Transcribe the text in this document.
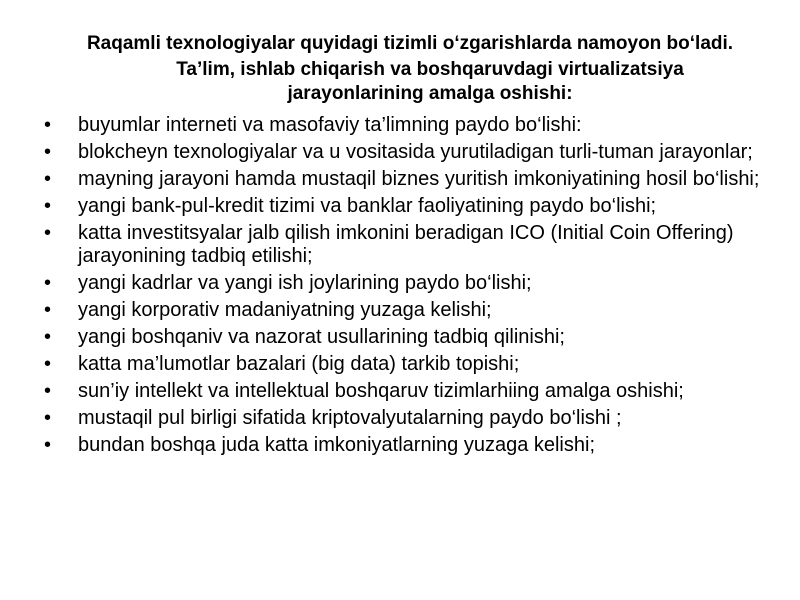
Raqamli texnologiyalar quyidagi tizimli o‘zgarishlarda namoyon bo‘ladi.
Ta’lim, ishlab chiqarish va boshqaruvdagi virtualizatsiya jarayonlarining amalga oshishi:
•	buyumlar interneti va masofaviy ta’limning paydo bo‘lishi:
•	blokcheyn texnologiyalar va u vositasida yurutiladigan turli-tuman jarayonlar;
•	mayning jarayoni hamda mustaqil biznes yuritish imkoniyatining hosil bo‘lishi;
•	yangi bank-pul-kredit tizimi va banklar faoliyatining paydo bo‘lishi;
•	katta investitsyalar jalb qilish imkonini beradigan ICO (Initial Coin Offering) jarayonining tadbiq etilishi;
•	yangi kadrlar va yangi ish joylarining paydo bo‘lishi;
•	yangi korporativ madaniyatning yuzaga kelishi;
•	yangi boshqaniv va nazorat usullarining tadbiq qilinishi;
•	katta ma’lumotlar bazalari (big data) tarkib topishi;
•	sun’iy intellekt va intellektual boshqaruv tizimlarhiing amalga oshishi;
•	mustaqil pul birligi sifatida kriptovalyutalarning paydo bo‘lishi ;
•	bundan boshqa juda katta imkoniyatlarning yuzaga kelishi;
